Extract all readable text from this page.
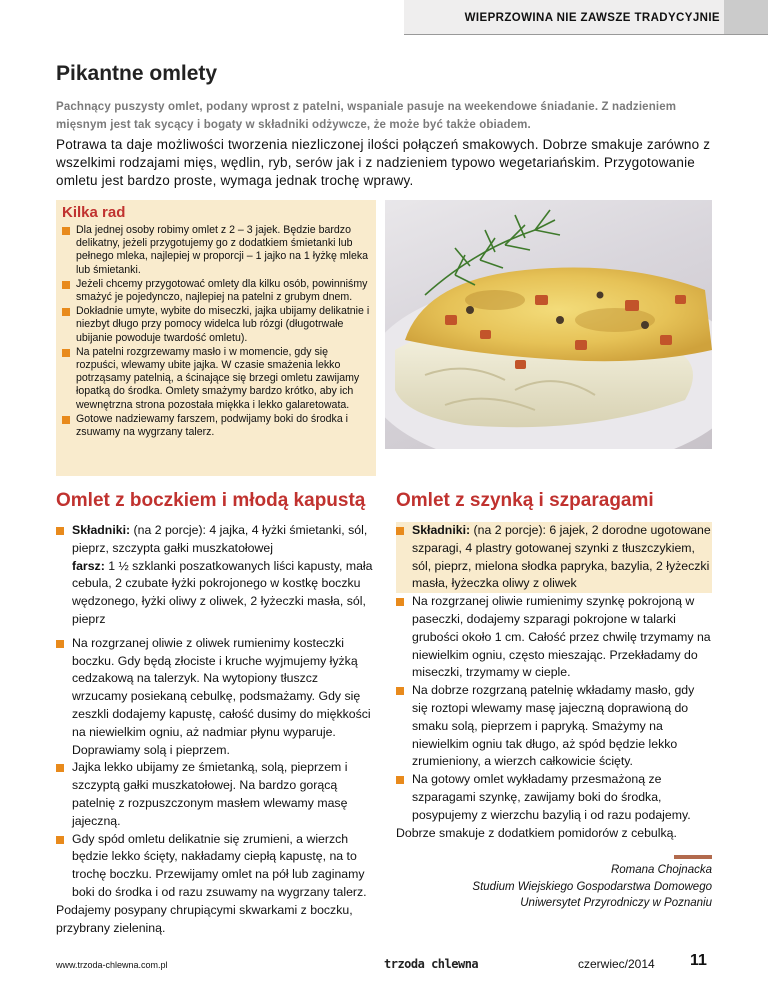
WIEPRZOWINA NIE ZAWSZE TRADYCYJNIE
Pikantne omlety
Pachnący puszysty omlet, podany wprost z patelni, wspaniale pasuje na weekendowe śniadanie. Z nadzieniem mięsnym jest tak sycący i bogaty w składniki odżywcze, że może być także obiadem.
Potrawa ta daje możliwości tworzenia niezliczonej ilości połączeń smakowych. Dobrze smakuje zarówno z wszelkimi rodzajami mięs, wędlin, ryb, serów jak i z nadzieniem typowo wegetariańskim. Przygotowanie omletu jest bardzo proste, wymaga jednak trochę wprawy.
Kilka rad
Dla jednej osoby robimy omlet z 2 – 3 jajek. Będzie bardzo delikatny, jeżeli przygotujemy go z dodatkiem śmietanki lub pełnego mleka, najlepiej w proporcji – 1 jajko na 1 łyżkę mleka lub śmietanki.
Jeżeli chcemy przygotować omlety dla kilku osób, powinniśmy smażyć je pojedynczo, najlepiej na patelni z grubym dnem.
Dokładnie umyte, wybite do miseczki, jajka ubijamy delikatnie i niezbyt długo przy pomocy widelca lub rózgi (długotrwałe ubijanie powoduje twardość omletu).
Na patelni rozgrzewamy masło i w momencie, gdy się rozpuści, wlewamy ubite jajka. W czasie smażenia lekko potrząsamy patelnią, a ścinające się brzegi omletu zawijamy łopatką do środka. Omlety smażymy bardzo krótko, aby ich wewnętrzna strona pozostała miękka i lekko galaretowata.
Gotowe nadziewamy farszem, podwijamy boki do środka i zsuwamy na wygrzany talerz.
Omlet z boczkiem i młodą kapustą
Składniki: (na 2 porcje): 4 jajka, 4 łyżki śmietanki, sól, pieprz, szczypta gałki muszkatołowej
farsz: 1 ½ szklanki poszatkowanych liści kapusty, mała cebula, 2 czubate łyżki pokrojonego w kostkę boczku wędzonego, łyżki oliwy z oliwek, 2 łyżeczki masła, sól, pieprz
Na rozgrzanej oliwie z oliwek rumienimy kosteczki boczku. Gdy będą złociste i kruche wyjmujemy łyżką cedzakową na talerzyk. Na wytopiony tłuszcz wrzucamy posiekaną cebulkę, podsmażamy. Gdy się zeszkli dodajemy kapustę, całość dusimy do miękkości na niewielkim ogniu, aż nadmiar płynu wyparuje. Doprawiamy solą i pieprzem.
Jajka lekko ubijamy ze śmietanką, solą, pieprzem i szczyptą gałki muszkatołowej. Na bardzo gorącą patelnię z rozpuszczonym masłem wlewamy masę jajeczną.
Gdy spód omletu delikatnie się zrumieni, a wierzch będzie lekko ścięty, nakładamy ciepłą kapustę, na to trochę boczku. Przewijamy omlet na pół lub zaginamy boki do środka i od razu zsuwamy na wygrzany talerz.
Podajemy posypany chrupiącymi skwarkami z boczku, przybrany zieleniną.
Omlet z szynką i szparagami
Składniki: (na 2 porcje): 6 jajek, 2 dorodne ugotowane szparagi, 4 plastry gotowanej szynki z tłuszczykiem, sól, pieprz, mielona słodka papryka, bazylia, 2 łyżeczki masła, łyżeczka oliwy z oliwek
Na rozgrzanej oliwie rumienimy szynkę pokrojoną w paseczki, dodajemy szparagi pokrojone w talarki grubości około 1 cm. Całość przez chwilę trzymamy na niewielkim ogniu, często mieszając. Przekładamy do miseczki, trzymamy w cieple.
Na dobrze rozgrzaną patelnię wkładamy masło, gdy się roztopi wlewamy masę jajeczną doprawioną do smaku solą, pieprzem i papryką. Smażymy na niewielkim ogniu tak długo, aż spód będzie lekko zrumieniony, a wierzch całkowicie ścięty.
Na gotowy omlet wykładamy przesmażoną ze szparagami szynkę, zawijamy boki do środka, posypujemy z wierzchu bazylią i od razu podajemy.
Dobrze smakuje z dodatkiem pomidorów z cebulką.
Romana Chojnacka
Studium Wiejskiego Gospodarstwa Domowego
Uniwersytet Przyrodniczy w Poznaniu
www.trzoda-chlewna.com.pl	trzoda chlewna	czerwiec/2014 11
